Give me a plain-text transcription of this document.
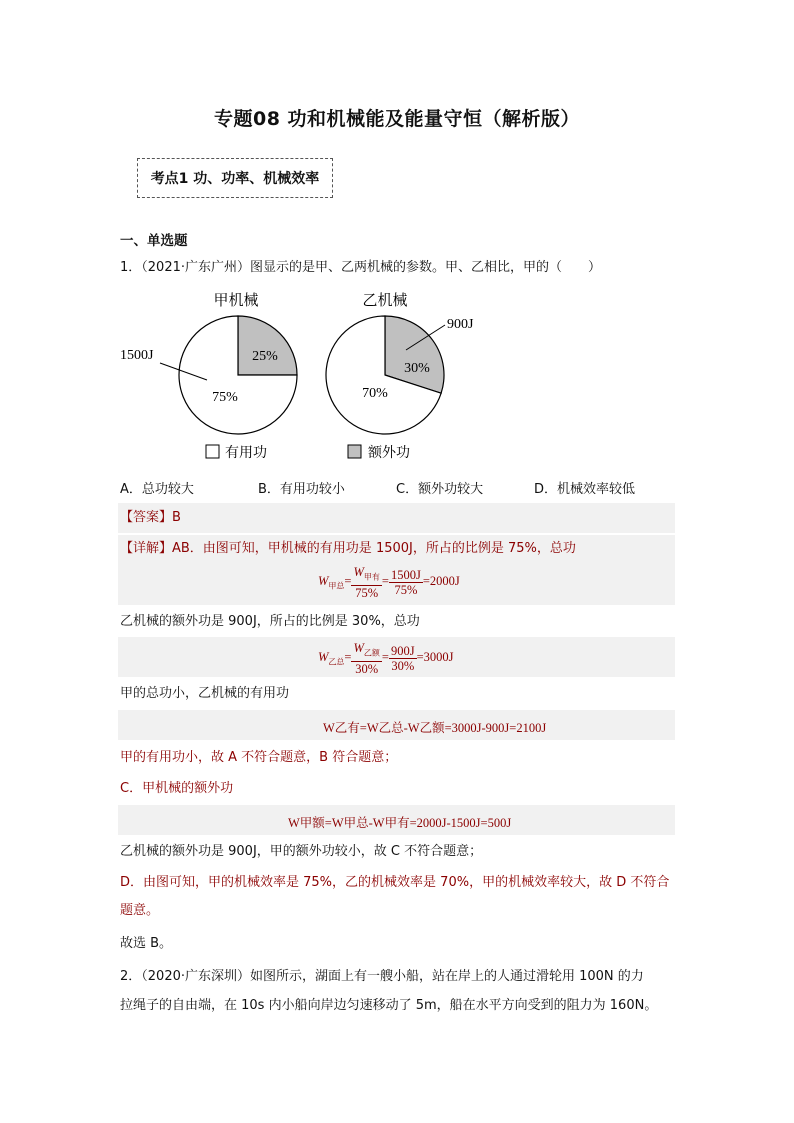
专题08 功和机械能及能量守恒（解析版）
考点1 功、功率、机械效率
一、单选题
1．（2021·广东广州）图显示的是甲、乙两机械的参数。甲、乙相比，甲的（　　）
25%
75%
30%
70%
甲机械	乙机械
1500J
900J
有用功	额外功
A．总功较大	B．有用功较小	C．额外功较大	D．机械效率较低
【答案】B
【详解】AB．由图可知，甲机械的有用功是 1500J，所占的比例是 75%，总功
$W_{甲总}= \frac{W_{甲有}}{75\%} = \frac{1500J}{75\%} =2000J$
乙机械的额外功是 900J，所占的比例是 30%，总功
$W_{乙总}= \frac{W_{乙额}}{30\%} = \frac{900J}{30\%} =3000J$
甲的总功小，乙机械的有用功
W乙有=W乙总-W乙额=3000J-900J=2100J
甲的有用功小，故 A 不符合题意，B 符合题意；
C．甲机械的额外功
W甲额=W甲总-W甲有=2000J-1500J=500J
乙机械的额外功是 900J，甲的额外功较小，故 C 不符合题意；
D．由图可知，甲的机械效率是 75%，乙的机械效率是 70%，甲的机械效率较大，故 D 不符合
题意。
故选 B。
2．（2020·广东深圳）如图所示，湖面上有一艘小船，站在岸上的人通过滑轮用 100N 的力
拉绳子的自由端，在 10s 内小船向岸边匀速移动了 5m，船在水平方向受到的阻力为 160N。
